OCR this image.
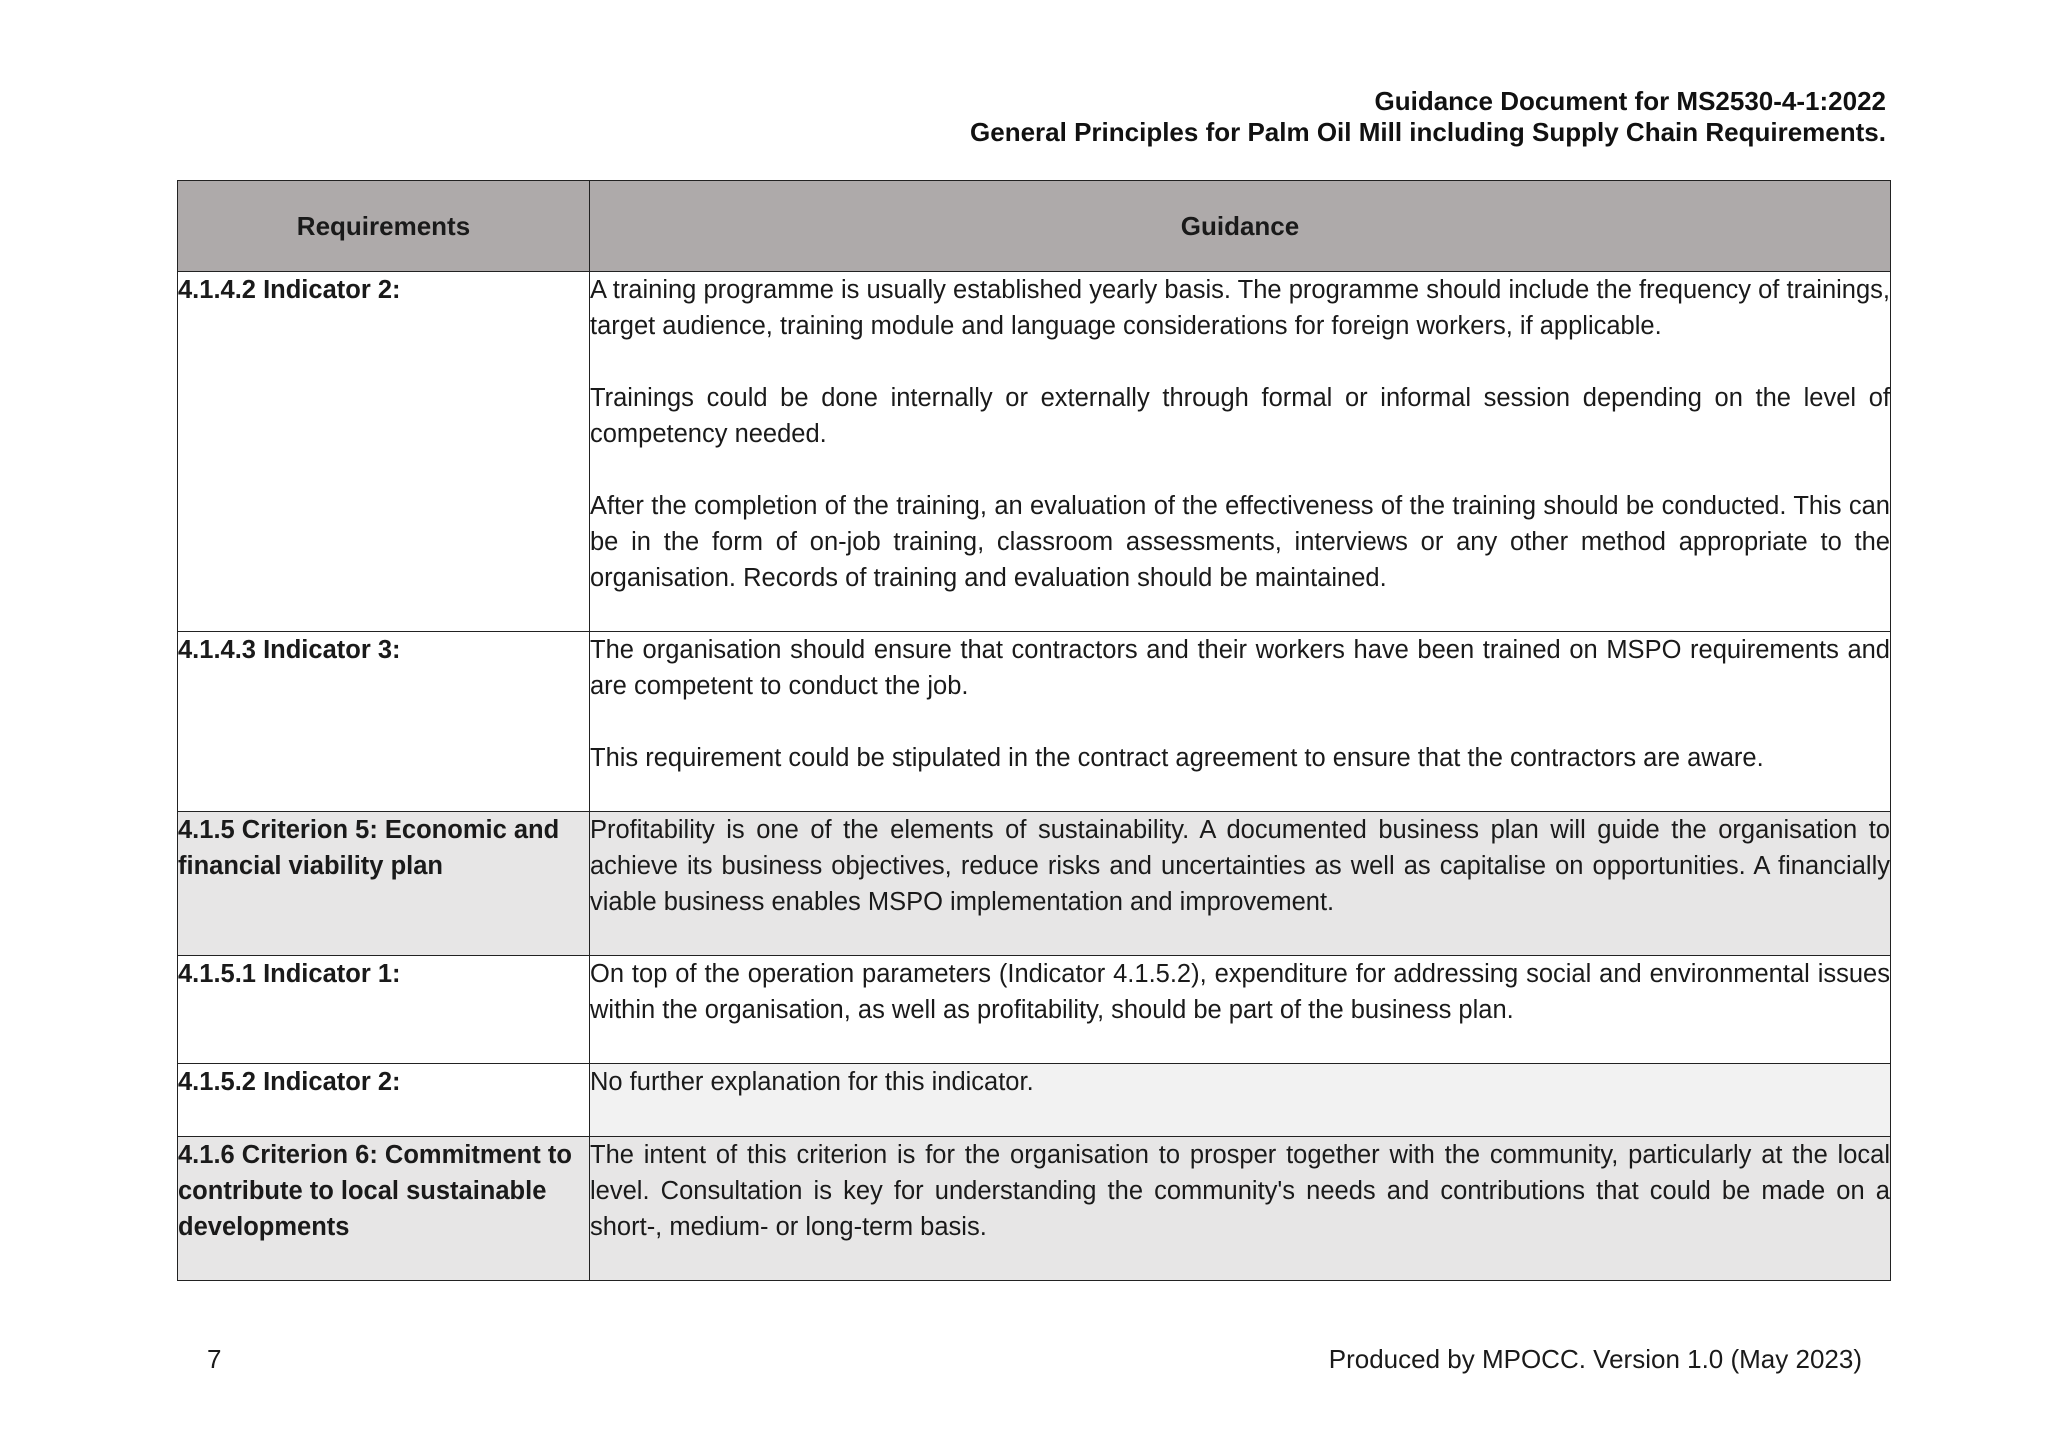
Guidance Document for MS2530-4-1:2022
General Principles for Palm Oil Mill including Supply Chain Requirements.
Requirements	Guidance
4.1.4.2 Indicator 2:	A training programme is usually established yearly basis. The programme should include the frequency of trainings, target audience, training module and language considerations for foreign workers, if applicable.

Trainings could be done internally or externally through formal or informal session depending on the level of competency needed.

After the completion of the training, an evaluation of the effectiveness of the training should be conducted. This can be in the form of on-job training, classroom assessments, interviews or any other method appropriate to the organisation. Records of training and evaluation should be maintained.

4.1.4.3 Indicator 3:	The organisation should ensure that contractors and their workers have been trained on MSPO requirements and are competent to conduct the job.

This requirement could be stipulated in the contract agreement to ensure that the contractors are aware.

4.1.5 Criterion 5: Economic and financial viability plan	Profitability is one of the elements of sustainability. A documented business plan will guide the organisation to achieve its business objectives, reduce risks and uncertainties as well as capitalise on opportunities. A financially viable business enables MSPO implementation and improvement.

4.1.5.1 Indicator 1:	On top of the operation parameters (Indicator 4.1.5.2), expenditure for addressing social and environmental issues within the organisation, as well as profitability, should be part of the business plan.

4.1.5.2 Indicator 2:	No further explanation for this indicator.

4.1.6 Criterion 6: Commitment to contribute to local sustainable developments	The intent of this criterion is for the organisation to prosper together with the community, particularly at the local level. Consultation is key for understanding the community's needs and contributions that could be made on a short-, medium- or long-term basis.

7	Produced by MPOCC. Version 1.0 (May 2023)
